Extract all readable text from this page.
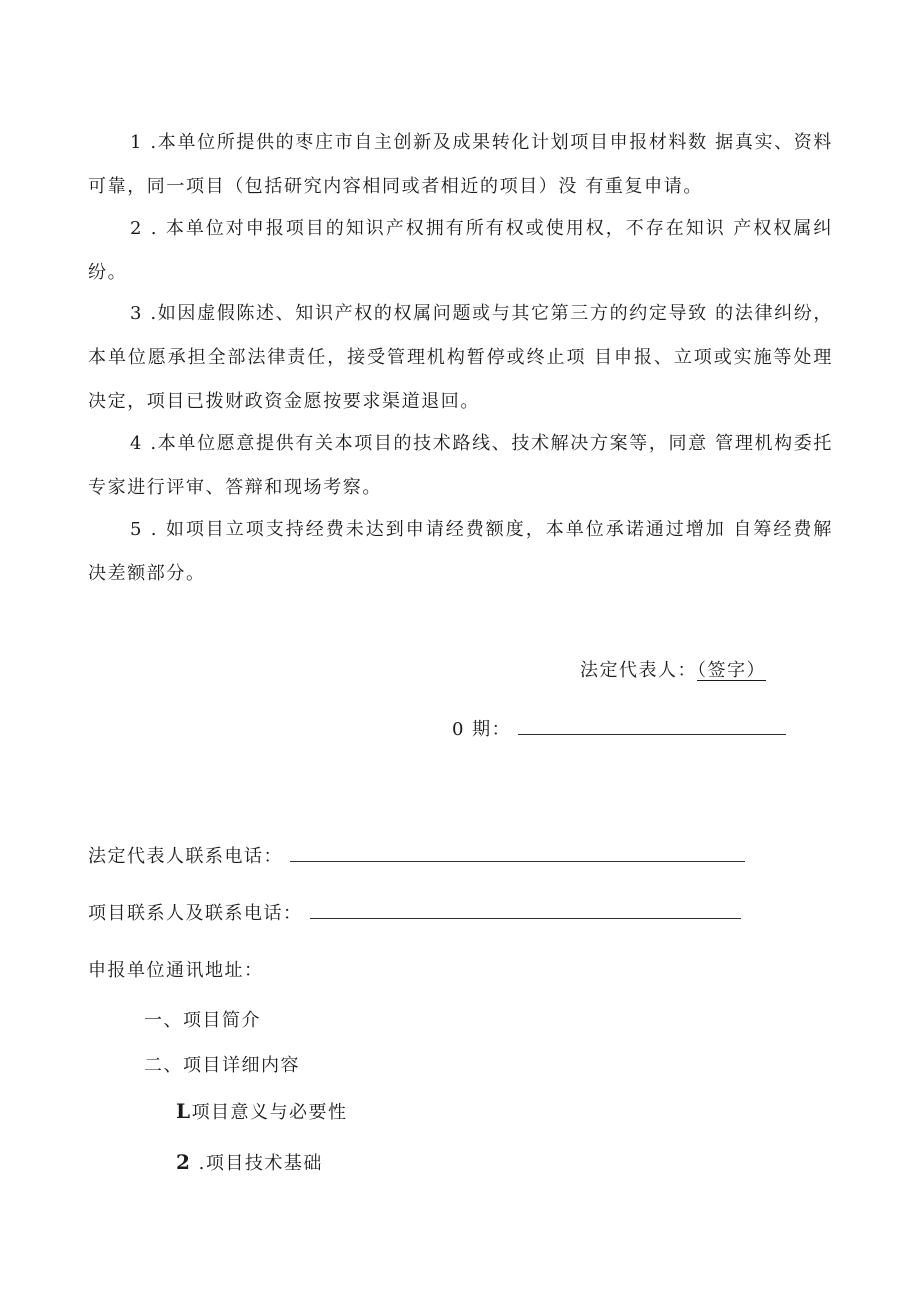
1 .本单位所提供的枣庄市自主创新及成果转化计划项目申报材料数 据真实、资料可靠，同一项目（包括研究内容相同或者相近的项目）没 有重复申请。

2 . 本单位对申报项目的知识产权拥有所有权或使用权，不存在知识 产权权属纠纷。

3 .如因虚假陈述、知识产权的权属问题或与其它第三方的约定导致 的法律纠纷，本单位愿承担全部法律责任，接受管理机构暂停或终止项 目申报、立项或实施等处理决定，项目已拨财政资金愿按要求渠道退回。

4 .本单位愿意提供有关本项目的技术路线、技术解决方案等，同意 管理机构委托专家进行评审、答辩和现场考察。

5 . 如项目立项支持经费未达到申请经费额度，本单位承诺通过增加 自筹经费解决差额部分。

法定代表人：（签字）
0 期：
法定代表人联系电话：
项目联系人及联系电话：
申报单位通讯地址：
一、项目简介
二、项目详细内容
L项目意义与必要性
2 .项目技术基础
